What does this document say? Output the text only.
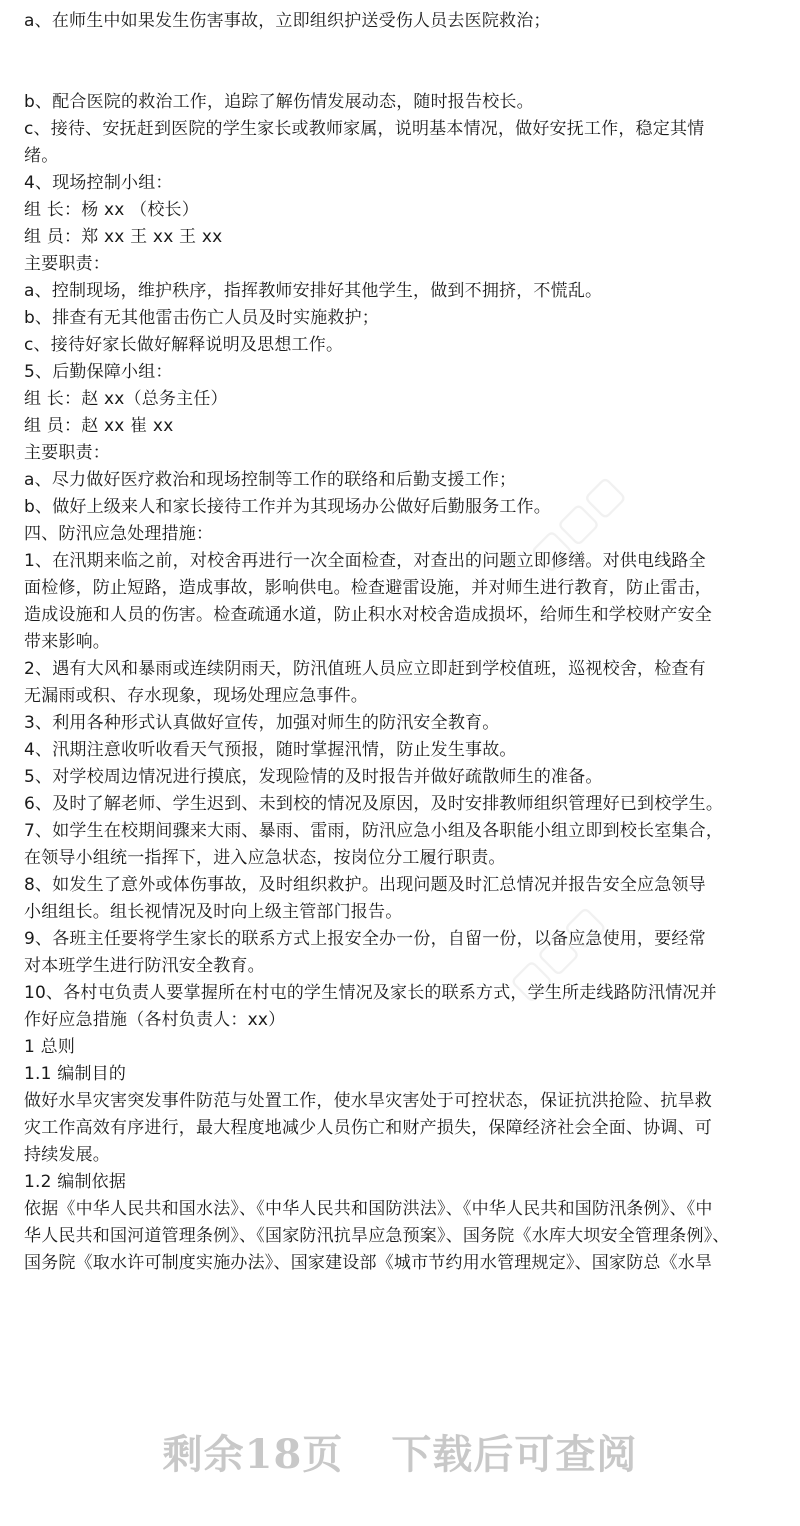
a、在师生中如果发生伤害事故，立即组织护送受伤人员去医院救治；
b、配合医院的救治工作，追踪了解伤情发展动态，随时报告校长。
c、接待、安抚赶到医院的学生家长或教师家属，说明基本情况，做好安抚工作，稳定其情
绪。
4、现场控制小组：
组 长：杨 xx （校长）
组 员：郑 xx 王 xx 王 xx
主要职责：
a、控制现场，维护秩序，指挥教师安排好其他学生，做到不拥挤，不慌乱。
b、排查有无其他雷击伤亡人员及时实施救护；
c、接待好家长做好解释说明及思想工作。
5、后勤保障小组：
组 长：赵 xx（总务主任）
组 员：赵 xx 崔 xx
主要职责：
a、尽力做好医疗救治和现场控制等工作的联络和后勤支援工作；
b、做好上级来人和家长接待工作并为其现场办公做好后勤服务工作。
四、防汛应急处理措施：
1、在汛期来临之前，对校舍再进行一次全面检查，对查出的问题立即修缮。对供电线路全
面检修，防止短路，造成事故，影响供电。检查避雷设施，并对师生进行教育，防止雷击，
造成设施和人员的伤害。检查疏通水道，防止积水对校舍造成损坏，给师生和学校财产安全
带来影响。
2、遇有大风和暴雨或连续阴雨天，防汛值班人员应立即赶到学校值班，巡视校舍，检查有
无漏雨或积、存水现象，现场处理应急事件。
3、利用各种形式认真做好宣传，加强对师生的防汛安全教育。
4、汛期注意收听收看天气预报，随时掌握汛情，防止发生事故。
5、对学校周边情况进行摸底，发现险情的及时报告并做好疏散师生的准备。
6、及时了解老师、学生迟到、未到校的情况及原因，及时安排教师组织管理好已到校学生。
7、如学生在校期间骤来大雨、暴雨、雷雨，防汛应急小组及各职能小组立即到校长室集合，
在领导小组统一指挥下，进入应急状态，按岗位分工履行职责。
8、如发生了意外或体伤事故，及时组织救护。出现问题及时汇总情况并报告安全应急领导
小组组长。组长视情况及时向上级主管部门报告。
9、各班主任要将学生家长的联系方式上报安全办一份，自留一份，以备应急使用，要经常
对本班学生进行防汛安全教育。
10、各村屯负责人要掌握所在村屯的学生情况及家长的联系方式，学生所走线路防汛情况并
作好应急措施（各村负责人：xx）
1 总则
1.1 编制目的
做好水旱灾害突发事件防范与处置工作，使水旱灾害处于可控状态，保证抗洪抢险、抗旱救
灾工作高效有序进行，最大程度地减少人员伤亡和财产损失，保障经济社会全面、协调、可
持续发展。
1.2 编制依据
依据《中华人民共和国水法》、《中华人民共和国防洪法》、《中华人民共和国防汛条例》、《中
华人民共和国河道管理条例》、《国家防汛抗旱应急预案》、国务院《水库大坝安全管理条例》、
国务院《取水许可制度实施办法》、国家建设部《城市节约用水管理规定》、国家防总《水旱
▢▢▢
▢▢▢
剩余18页 下载后可查阅
